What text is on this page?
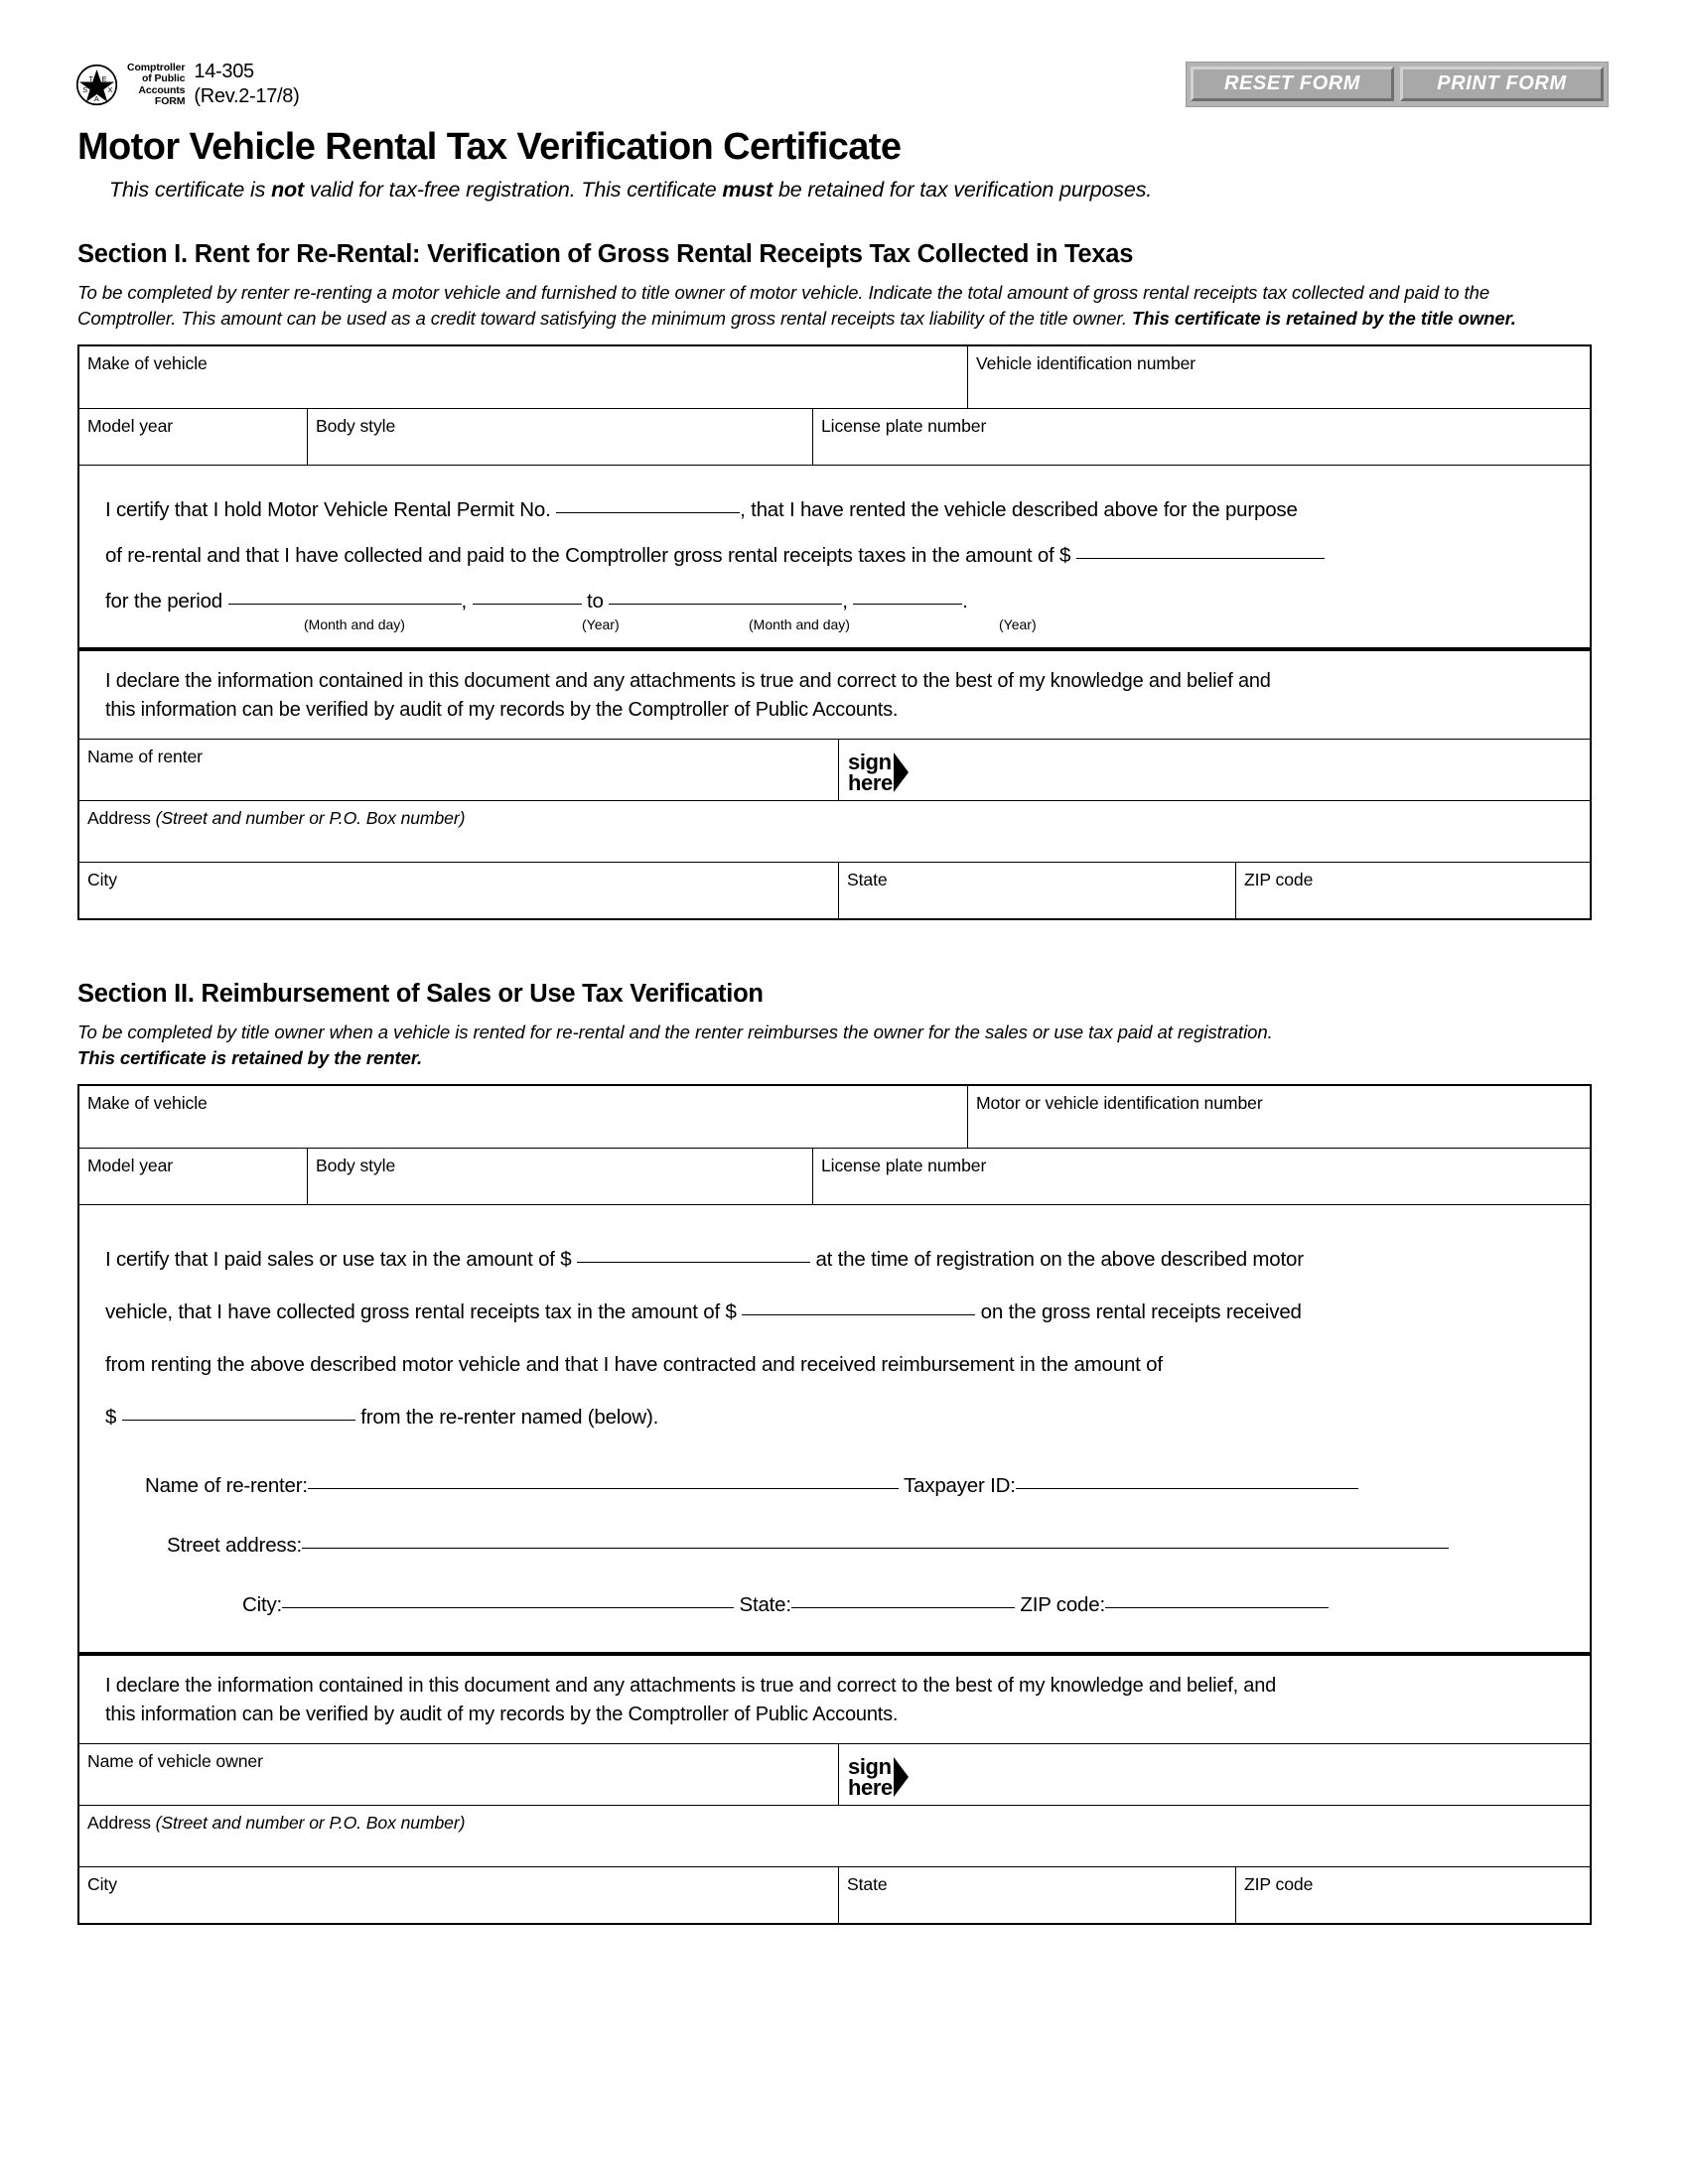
T E
S X
A
Comptroller
of Public
Accounts
FORM
14-305
(Rev.2-17/8)
RESET FORM	PRINT FORM
Motor Vehicle Rental Tax Verification Certificate
This certificate is not valid for tax-free registration. This certificate must be retained for tax verification purposes.
Section I. Rent for Re-Rental: Verification of Gross Rental Receipts Tax Collected in Texas
To be completed by renter re-renting a motor vehicle and furnished to title owner of motor vehicle. Indicate the total amount of gross rental receipts tax collected and paid to the Comptroller. This amount can be used as a credit toward satisfying the minimum gross rental receipts tax liability of the title owner. This certificate is retained by the title owner.
Make of vehicle	Vehicle identification number
Model year	Body style	License plate number
I certify that I hold Motor Vehicle Rental Permit No.	, that I have rented the vehicle described above for the purpose
of re-rental and that I have collected and paid to the Comptroller gross rental receipts taxes in the amount of $
for the period	,	to	,	.
(Month and day)	(Year)	(Month and day)	(Year)
I declare the information contained in this document and any attachments is true and correct to the best of my knowledge and belief and
this information can be verified by audit of my records by the Comptroller of Public Accounts.
Name of renter	sign
here
Address (Street and number or P.O. Box number)
City	State	ZIP code
Section II. Reimbursement of Sales or Use Tax Verification
To be completed by title owner when a vehicle is rented for re-rental and the renter reimburses the owner for the sales or use tax paid at registration.
This certificate is retained by the renter.
Make of vehicle	Motor or vehicle identification number
Model year	Body style	License plate number
I certify that I paid sales or use tax in the amount of $	at the time of registration on the above described motor
vehicle, that I have collected gross rental receipts tax in the amount of $	on the gross rental receipts received
from renting the above described motor vehicle and that I have contracted and received reimbursement in the amount of
$	from the re-renter named (below).
Name of re-renter:	Taxpayer ID:
Street address:
City:	State:	ZIP code:
I declare the information contained in this document and any attachments is true and correct to the best of my knowledge and belief, and
this information can be verified by audit of my records by the Comptroller of Public Accounts.
Name of vehicle owner	sign
here
Address (Street and number or P.O. Box number)
City	State	ZIP code
